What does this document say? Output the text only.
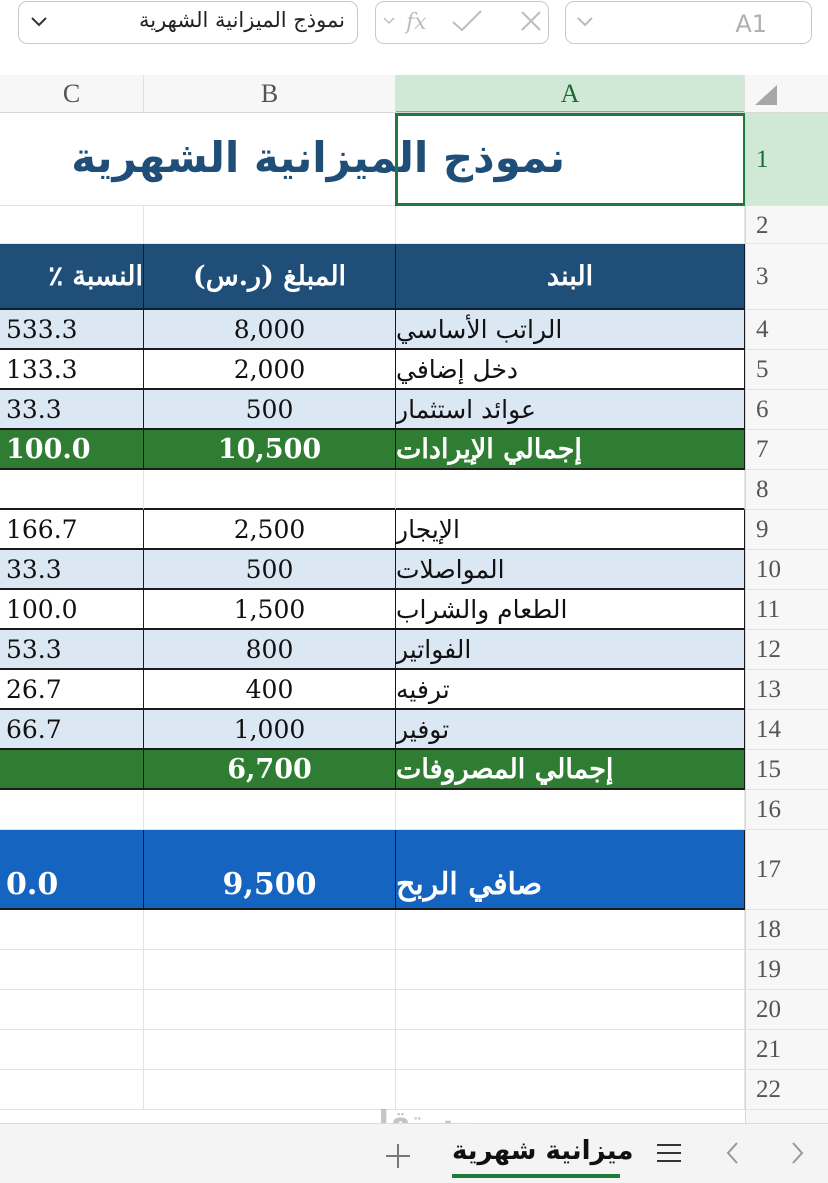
A1
fx
نموذج الميزانية الشهرية
C	B	A
1
2
3
4
5
6
7
8
9
10
11
12
13
14
15
16
17
18
19
20
21
22
نموذج الميزانية الشهرية
البند
المبلغ (ر.س)
النسبة ٪
الراتب الأساسي
8,000
533.3
دخل إضافي
2,000
133.3
عوائد استثمار
500
33.3
إجمالي الإيرادات
10,500
100.0
الإيجار
2,500
166.7
المواصلات
500
33.3
الطعام والشراب
1,500
100.0
الفواتير
800
53.3
ترفيه
400
26.7
توفير
1,000
66.7
إجمالي المصروفات
6,700
صافي الربح
9,500
0.0
ميزانية شهرية
